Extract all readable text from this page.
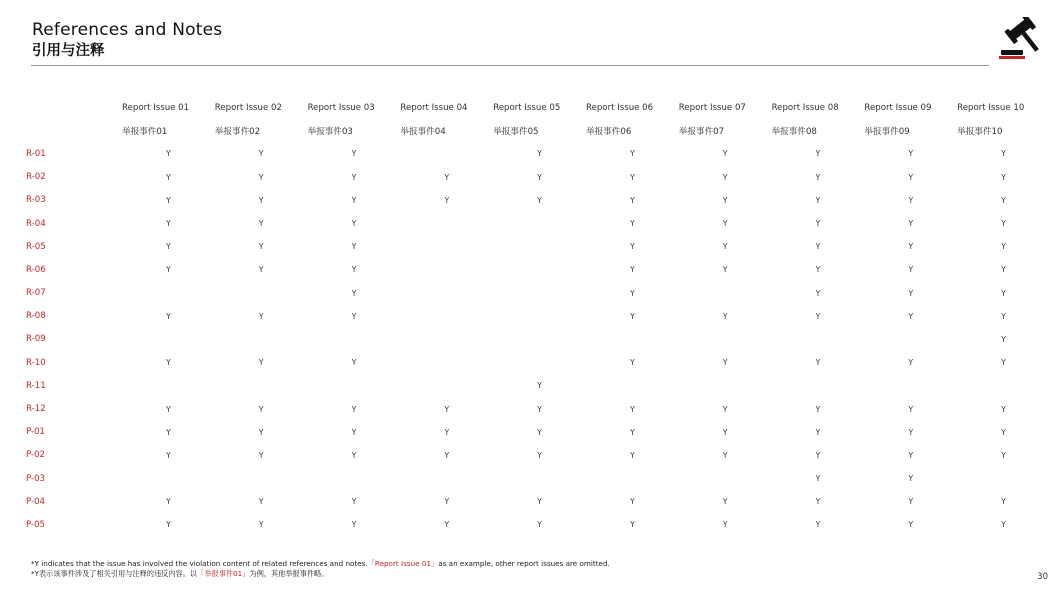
References and Notes
引用与注释
	Report Issue 01	Report Issue 02	Report Issue 03	Report Issue 04	Report Issue 05	Report Issue 06	Report Issue 07	Report Issue 08	Report Issue 09	Report Issue 10
	举报事件01	举报事件02	举报事件03	举报事件04	举报事件05	举报事件06	举报事件07	举报事件08	举报事件09	举报事件10
R-01	Y	Y	Y		Y	Y	Y	Y	Y	Y
R-02	Y	Y	Y	Y	Y	Y	Y	Y	Y	Y
R-03	Y	Y	Y	Y	Y	Y	Y	Y	Y	Y
R-04	Y	Y	Y			Y	Y	Y	Y	Y
R-05	Y	Y	Y			Y	Y	Y	Y	Y
R-06	Y	Y	Y			Y	Y	Y	Y	Y
R-07			Y			Y		Y	Y	Y
R-08	Y	Y	Y			Y	Y	Y	Y	Y
R-09										Y
R-10	Y	Y	Y			Y	Y	Y	Y	Y
R-11					Y					
R-12	Y	Y	Y	Y	Y	Y	Y	Y	Y	Y
P-01	Y	Y	Y	Y	Y	Y	Y	Y	Y	Y
P-02	Y	Y	Y	Y	Y	Y	Y	Y	Y	Y
P-03								Y	Y	
P-04	Y	Y	Y	Y	Y	Y	Y	Y	Y	Y
P-05	Y	Y	Y	Y	Y	Y	Y	Y	Y	Y
*Y indicates that the issue has involved the violation content of related references and notes.「Report Issue 01」as an example, other report issues are omitted.
*Y表示该事件涉及了相关引用与注释的违反内容。以「举报事件01」为例，其他举报事件略。	30
